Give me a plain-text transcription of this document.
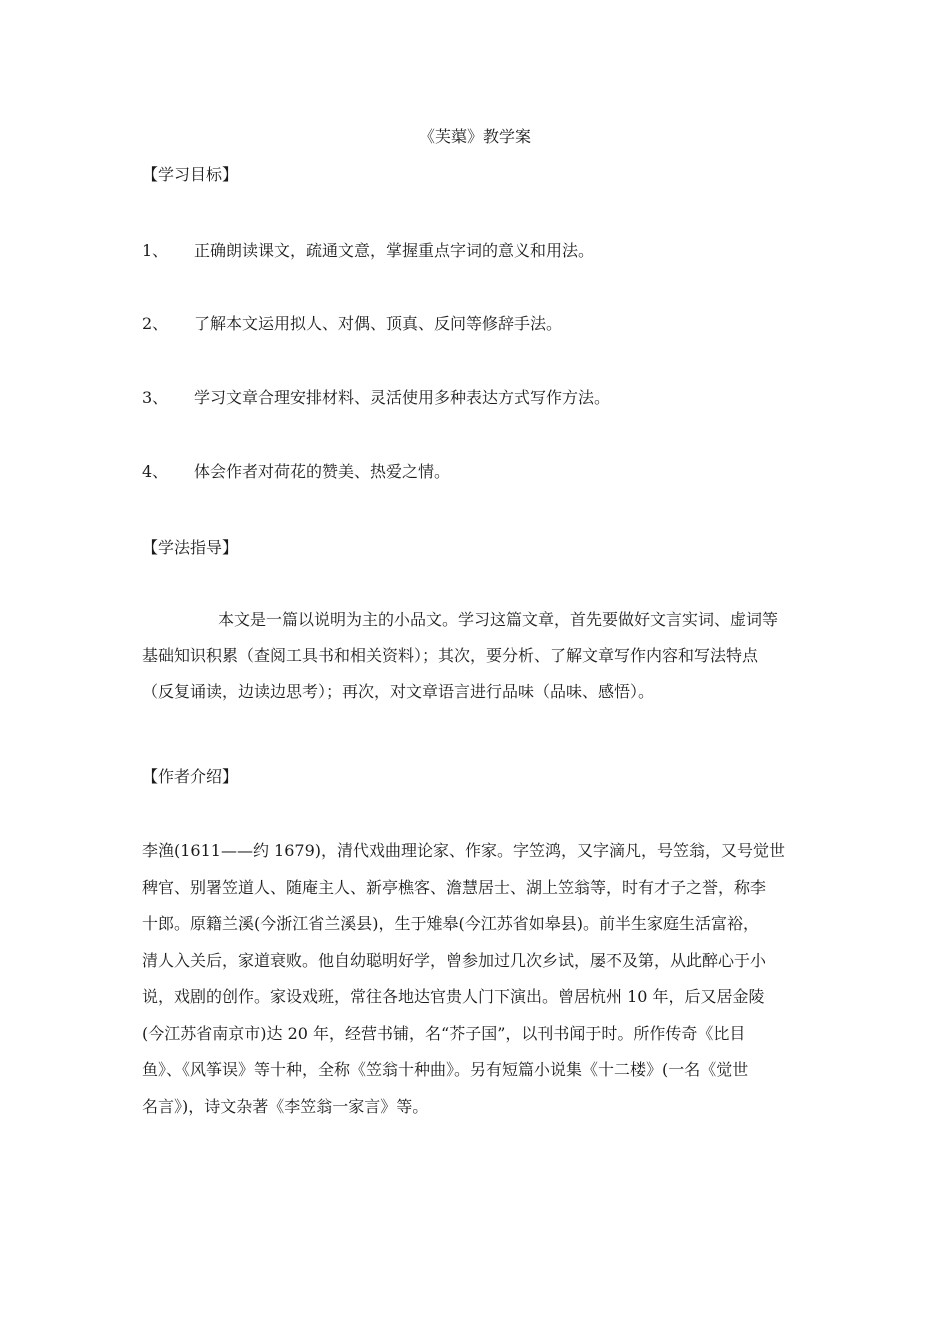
《芙蕖》教学案
【学习目标】
1、 正确朗读课文，疏通文意，掌握重点字词的意义和用法。
2、 了解本文运用拟人、对偶、顶真、反问等修辞手法。
3、 学习文章合理安排材料、灵活使用多种表达方式写作方法。
4、 体会作者对荷花的赞美、热爱之情。
【学法指导】
本文是一篇以说明为主的小品文。学习这篇文章，首先要做好文言实词、虚词等
基础知识积累（查阅工具书和相关资料）；其次，要分析、了解文章写作内容和写法特点
（反复诵读，边读边思考）；再次，对文章语言进行品味（品味、感悟）。
【作者介绍】
李渔(1611——约 1679)，清代戏曲理论家、作家。字笠鸿，又字滴凡，号笠翁，又号觉世
稗官、别署笠道人、随庵主人、新亭樵客、澹慧居士、湖上笠翁等，时有才子之誉，称李
十郎。原籍兰溪(今浙江省兰溪县)，生于雉皋(今江苏省如皋县)。前半生家庭生活富裕，
清人入关后，家道衰败。他自幼聪明好学，曾参加过几次乡试，屡不及第，从此醉心于小
说，戏剧的创作。家设戏班，常往各地达官贵人门下演出。曾居杭州 10 年，后又居金陵
(今江苏省南京市)达 20 年，经营书铺，名“芥子国”，以刊书闻于时。所作传奇《比目
鱼》、《风筝误》等十种，全称《笠翁十种曲》。另有短篇小说集《十二楼》(一名《觉世
名言》)，诗文杂著《李笠翁一家言》等。
